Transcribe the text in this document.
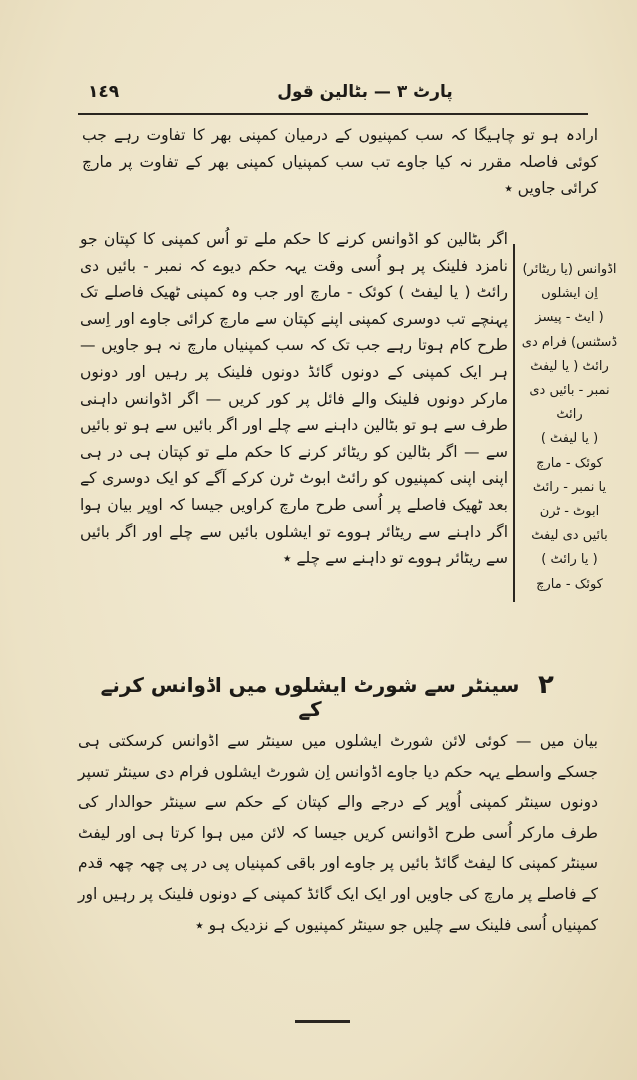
١٤٩	پارٹ ٣ — بٹالین قول
ارادہ ہو تو چاہیگا کہ سب کمپنیوں کے درمیان کمپنی بھر کا تفاوت رہے جب کوئی فاصلہ مقرر نہ کیا جاوے تب سب کمپنیاں کمپنی بھر کے تفاوت پر مارچ کرائی جاویں ٭
اگر بٹالین کو اڈوانس کرنے کا حکم ملے تو اُس کمپنی کا کپتان جو نامزد فلینک پر ہو اُسی وقت یہہ حکم دیوے کہ نمبر - بائیں دی رائٹ ( یا لیفٹ ) کوئک - مارچ اور جب وہ کمپنی ٹھیک فاصلے تک پہنچے تب دوسری کمپنی اپنے کپتان سے مارچ کرائی جاوے اور اِسی طرح کام ہوتا رہے جب تک کہ سب کمپنیاں مارچ نہ ہو جاویں — ہر ایک کمپنی کے دونوں گائڈ دونوں فلینک پر رہیں اور دونوں مارکر دونوں فلینک والے فائل پر کور کریں — اگر اڈوانس داہنی طرف سے ہو تو بٹالین داہنے سے چلے اور اگر بائیں سے ہو تو بائیں سے — اگر بٹالین کو ریٹائر کرنے کا حکم ملے تو کپتان ہی در ہی اپنی اپنی کمپنیوں کو رائٹ ابوٹ ٹرن کرکے آگے کو ایک دوسری کے بعد ٹھیک فاصلے پر اُسی طرح مارچ کراویں جیسا کہ اوپر بیان ہوا اگر داہنے سے ریٹائر ہووے تو ایشلوں بائیں سے چلے اور اگر بائیں سے ریٹائر ہووے تو داہنے سے چلے ٭
اڈوانس (یا ریٹائر)
اِن ایشلوں
( ایٹ - پیسز
ڈسٹنس) فرام دی
رائٹ ( یا لیفٹ
نمبر - بائیں دی
رائٹ
( یا لیفٹ )
کوئک - مارچ
یا نمبر - رائٹ
ابوٹ - ٹرن
بائیں دی لیفٹ
( یا رائٹ )
کوئک - مارچ
٢
سینٹر سے شورٹ ایشلوں میں اڈوانس کرنے کے
بیان میں — کوئی لائن شورٹ ایشلوں میں سینٹر سے اڈوانس کرسکتی ہی جسکے واسطے یہہ حکم دیا جاوے اڈوانس اِن شورٹ ایشلوں فرام دی سینٹر تسپر دونوں سینٹر کمپنی اُوپر کے درجے والے کپتان کے حکم سے سینٹر حوالدار کی طرف مارکر اُسی طرح اڈوانس کریں جیسا کہ لائن میں ہوا کرتا ہی اور لیفٹ سینٹر کمپنی کا لیفٹ گائڈ بائیں پر جاوے اور باقی کمپنیاں پی در پی چھہ چھہ قدم کے فاصلے پر مارچ کی جاویں اور ایک ایک گائڈ کمپنی کے دونوں فلینک پر رہیں اور کمپنیاں اُسی فلینک سے چلیں جو سینٹر کمپنیوں کے نزدیک ہو ٭
